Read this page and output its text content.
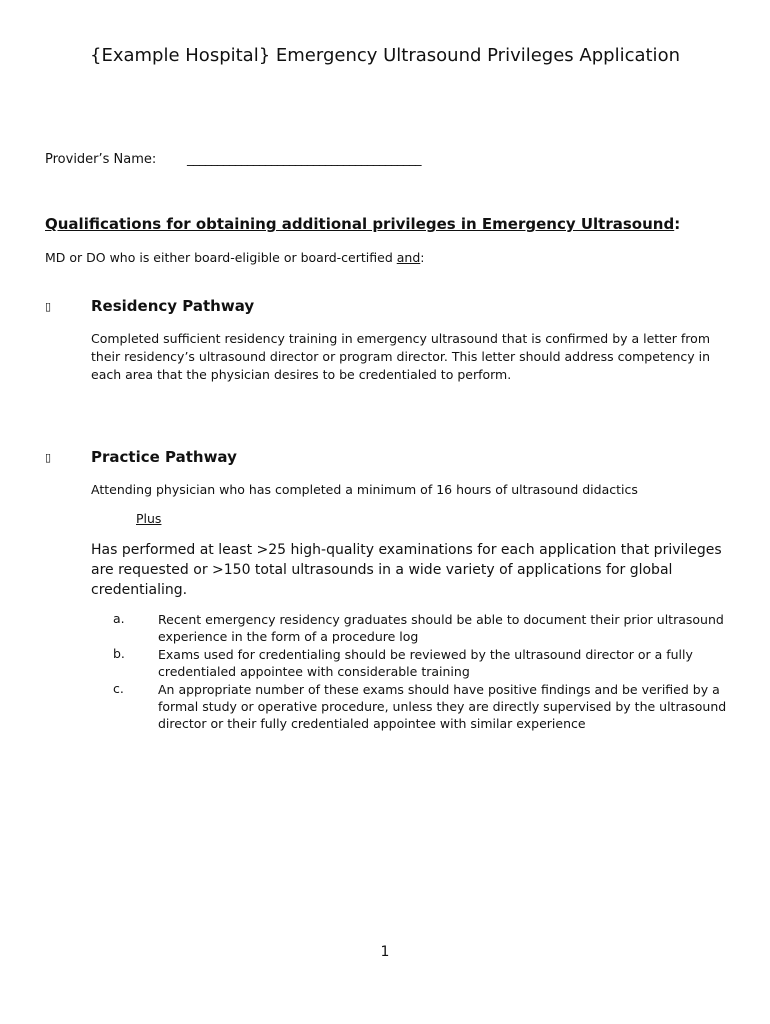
{Example Hospital} Emergency Ultrasound Privileges Application
Provider’s Name: _______________________________________
Qualifications for obtaining additional privileges in Emergency Ultrasound:
MD or DO who is either board-eligible or board-certified and:
▯	Residency Pathway
Completed sufficient residency training in emergency ultrasound that is confirmed by a letter from their residency’s ultrasound director or program director. This letter should address competency in each area that the physician desires to be credentialed to perform.
▯	Practice Pathway
Attending physician who has completed a minimum of 16 hours of ultrasound didactics
Plus
Has performed at least >25 high-quality examinations for each application that privileges are requested or >150 total ultrasounds in a wide variety of applications for global credentialing.
a.	Recent emergency residency graduates should be able to document their prior ultrasound experience in the form of a procedure log
b.	Exams used for credentialing should be reviewed by the ultrasound director or a fully credentialed appointee with considerable training
c.	An appropriate number of these exams should have positive findings and be verified by a formal study or operative procedure, unless they are directly supervised by the ultrasound director or their fully credentialed appointee with similar experience
1
